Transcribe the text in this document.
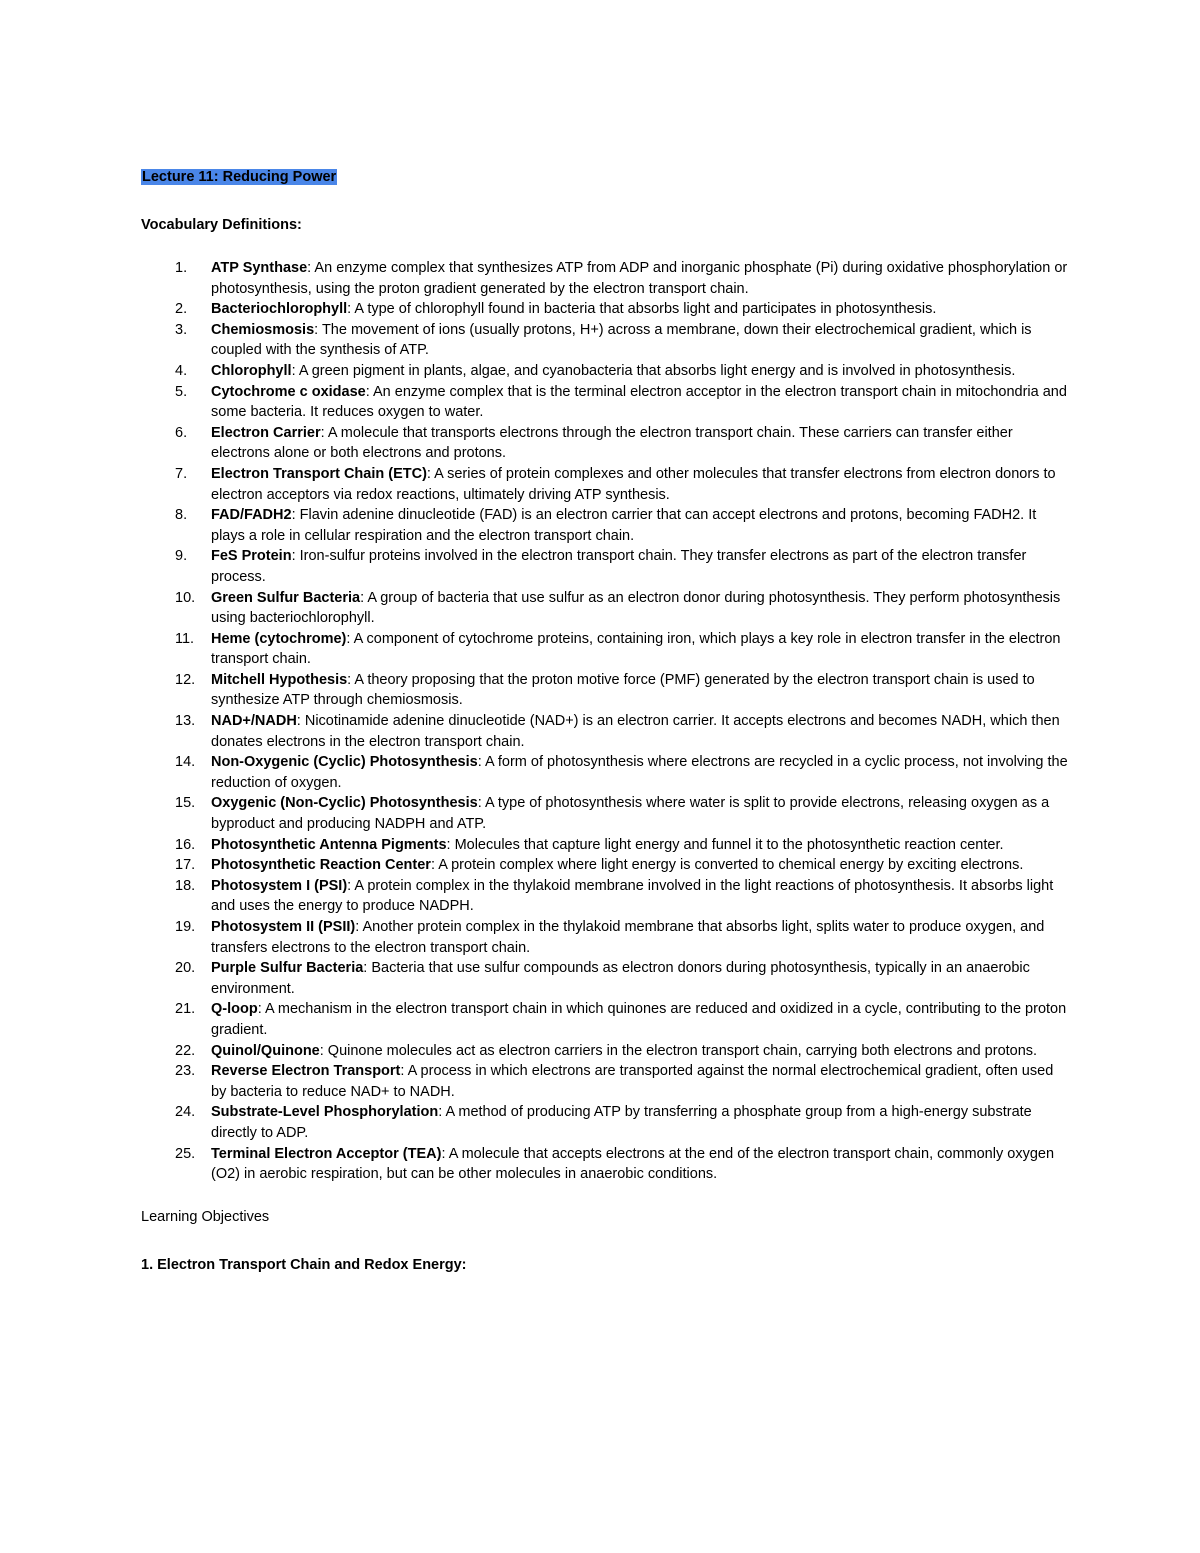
Lecture 11: Reducing Power

Vocabulary Definitions:

1.	ATP Synthase: An enzyme complex that synthesizes ATP from ADP and inorganic phosphate (Pi) during oxidative phosphorylation or photosynthesis, using the proton gradient generated by the electron transport chain.
2.	Bacteriochlorophyll: A type of chlorophyll found in bacteria that absorbs light and participates in photosynthesis.
3.	Chemiosmosis: The movement of ions (usually protons, H+) across a membrane, down their electrochemical gradient, which is coupled with the synthesis of ATP.
4.	Chlorophyll: A green pigment in plants, algae, and cyanobacteria that absorbs light energy and is involved in photosynthesis.
5.	Cytochrome c oxidase: An enzyme complex that is the terminal electron acceptor in the electron transport chain in mitochondria and some bacteria. It reduces oxygen to water.
6.	Electron Carrier: A molecule that transports electrons through the electron transport chain. These carriers can transfer either electrons alone or both electrons and protons.
7.	Electron Transport Chain (ETC): A series of protein complexes and other molecules that transfer electrons from electron donors to electron acceptors via redox reactions, ultimately driving ATP synthesis.
8.	FAD/FADH2: Flavin adenine dinucleotide (FAD) is an electron carrier that can accept electrons and protons, becoming FADH2. It plays a role in cellular respiration and the electron transport chain.
9.	FeS Protein: Iron-sulfur proteins involved in the electron transport chain. They transfer electrons as part of the electron transfer process.
10.	Green Sulfur Bacteria: A group of bacteria that use sulfur as an electron donor during photosynthesis. They perform photosynthesis using bacteriochlorophyll.
11.	Heme (cytochrome): A component of cytochrome proteins, containing iron, which plays a key role in electron transfer in the electron transport chain.
12.	Mitchell Hypothesis: A theory proposing that the proton motive force (PMF) generated by the electron transport chain is used to synthesize ATP through chemiosmosis.
13.	NAD+/NADH: Nicotinamide adenine dinucleotide (NAD+) is an electron carrier. It accepts electrons and becomes NADH, which then donates electrons in the electron transport chain.
14.	Non-Oxygenic (Cyclic) Photosynthesis: A form of photosynthesis where electrons are recycled in a cyclic process, not involving the reduction of oxygen.
15.	Oxygenic (Non-Cyclic) Photosynthesis: A type of photosynthesis where water is split to provide electrons, releasing oxygen as a byproduct and producing NADPH and ATP.
16.	Photosynthetic Antenna Pigments: Molecules that capture light energy and funnel it to the photosynthetic reaction center.
17.	Photosynthetic Reaction Center: A protein complex where light energy is converted to chemical energy by exciting electrons.
18.	Photosystem I (PSI): A protein complex in the thylakoid membrane involved in the light reactions of photosynthesis. It absorbs light and uses the energy to produce NADPH.
19.	Photosystem II (PSII): Another protein complex in the thylakoid membrane that absorbs light, splits water to produce oxygen, and transfers electrons to the electron transport chain.
20.	Purple Sulfur Bacteria: Bacteria that use sulfur compounds as electron donors during photosynthesis, typically in an anaerobic environment.
21.	Q-loop: A mechanism in the electron transport chain in which quinones are reduced and oxidized in a cycle, contributing to the proton gradient.
22.	Quinol/Quinone: Quinone molecules act as electron carriers in the electron transport chain, carrying both electrons and protons.
23.	Reverse Electron Transport: A process in which electrons are transported against the normal electrochemical gradient, often used by bacteria to reduce NAD+ to NADH.
24.	Substrate-Level Phosphorylation: A method of producing ATP by transferring a phosphate group from a high-energy substrate directly to ADP.
25.	Terminal Electron Acceptor (TEA): A molecule that accepts electrons at the end of the electron transport chain, commonly oxygen (O2) in aerobic respiration, but can be other molecules in anaerobic conditions.

Learning Objectives

1. Electron Transport Chain and Redox Energy:
